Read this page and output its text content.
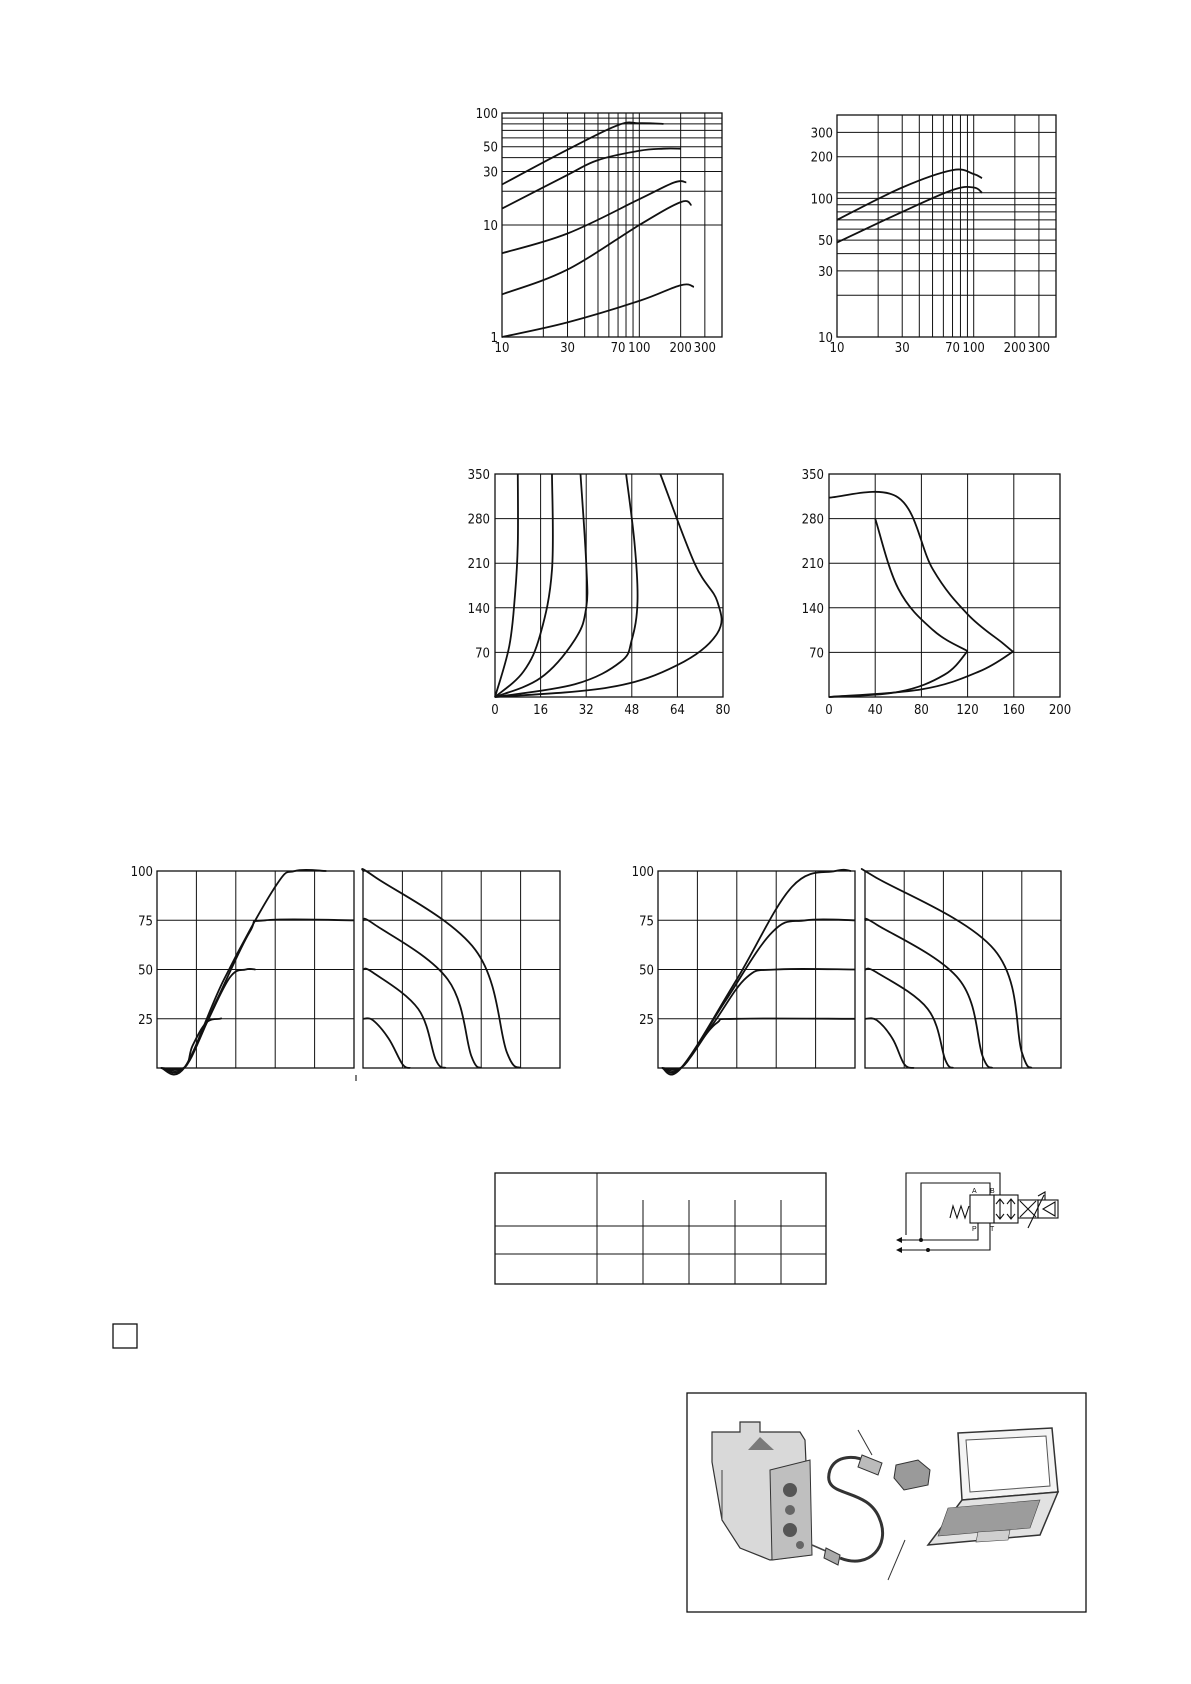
10	30	70 100 200 300
1
10
30
50
100
10	30	70 100 200 300
10
30
50
100
200
300
0	16 32 48 64 80
70
140
210
280
350
0	40 80 120 160 200
70
140
210
280
350
25
50
75
100
25
50
75
100
A B
P T
